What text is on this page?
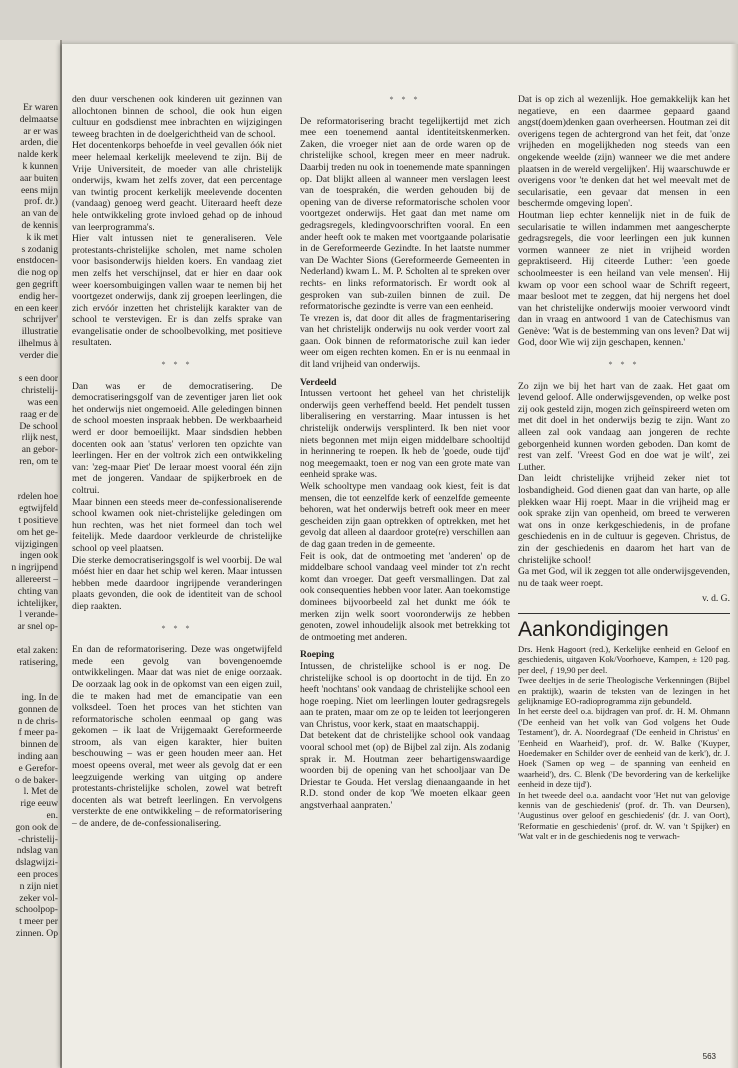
Er waren
delmaatse
ar er was
arden, die
nalde kerk
k kunnen
aar buiten
eens mijn
prof. dr.)
an van de
de kennis
k ik met
s zodanig
enstdocen-
die nog op
gen gegrift
endig her-
en een keer
schrijver'
illustratie
ilhelmus à
verder die
s een door
christelij-
was een
raag er de
De school
rlijk nest,
an gebor-
ren, om te
rdelen hoe
egtwijfeld
t positieve
om het ge-
vijzigingen
ingen ook
n ingrijpend
allereerst –
chting van
ichtelijker,
l verande-
ar snel op-
etal zaken:
ratisering,
ing. In de
gonnen de
n de chris-
f meer pa-
binnen de
inding aan
e Gerefor-
o de baker-
l. Met de
rige eeuw
en.
gon ook de
-christelij-
ndslag van
dslagwijzi-
een proces
n zijn niet
zeker vol-
schoolpop-
t meer per
zinnen. Op

den duur verschenen ook kinderen uit gezinnen van allochtonen binnen de school, die ook hun eigen cultuur en godsdienst mee inbrachten en wijzigingen teweeg brachten in de doelgerichtheid van de school.

Het docentenkorps behoefde in veel gevallen óók niet meer helemaal kerkelijk meelevend te zijn. Bij de Vrije Universiteit, de moeder van alle christelijk onderwijs, kwam het zelfs zover, dat een percentage van twintig procent kerkelijk meelevende docenten (vandaag) genoeg werd geacht. Uiteraard heeft deze hele ontwikkeling grote invloed gehad op de inhoud van leerprogramma's.

Hier valt intussen niet te generaliseren. Vele protestants-christelijke scholen, met name scholen voor basisonderwijs hielden koers. En vandaag ziet men zelfs het verschijnsel, dat er hier en daar ook weer koersombuigingen vallen waar te nemen bij het voortgezet onderwijs, dank zij groepen leerlingen, die zich ervóór inzetten het christelijk karakter van de school te verstevigen. Er is dan zelfs sprake van evangelisatie onder de schoolbevolking, met positieve resultaten.

* * *

Dan was er de democratisering. De democratiseringsgolf van de zeventiger jaren liet ook het onderwijs niet ongemoeid. Alle geledingen binnen de school moesten inspraak hebben. De werkbaarheid werd er door bemoeilijkt. Maar sindsdien hebben docenten ook aan 'status' verloren ten opzichte van leerlingen. Her en der voltrok zich een ontwikkeling van: 'zeg-maar Piet' De leraar moest vooral één zijn met de jongeren. Vandaar de spijkerbroek en de coltrui.

Maar binnen een steeds meer de-confessionaliserende school kwamen ook niet-christelijke geledingen om hun rechten, was het niet formeel dan toch wel feitelijk. Mede daardoor verkleurde de christelijke school op veel plaatsen.

Die sterke democratiseringsgolf is wel voorbij. De wal móést hier en daar het schip wel keren. Maar intussen hebben mede daardoor ingrijpende veranderingen plaats gevonden, die ook de identiteit van de school diep raakten.

* * *

En dan de reformatorisering. Deze was ongetwijfeld mede een gevolg van bovengenoemde ontwikkelingen. Maar dat was niet de enige oorzaak. De oorzaak lag ook in de opkomst van een eigen zuil, die te maken had met de emancipatie van een volksdeel. Toen het proces van het stichten van reformatorische scholen eenmaal op gang was gekomen – ik laat de Vrijgemaakt Gereformeerde stroom, als van eigen karakter, hier buiten beschouwing – was er geen houden meer aan. Het moest opeens overal, met weer als gevolg dat er een leegzuigende werking van uitging op andere protestants-christelijke scholen, zowel wat betreft docenten als wat betreft leerlingen. En vervolgens versterkte de ene ontwikkeling – de reformatorisering – de andere, de de-confessionalisering.

* * *

De reformatorisering bracht tegelijkertijd met zich mee een toenemend aantal identiteitskenmerken. Zaken, die vroeger niet aan de orde waren op de christelijke school, kregen meer en meer nadruk. Daarbij treden nu ook in toenemende mate spanningen op. Dat blijkt alleen al wanneer men verslagen leest van de toesprakén, die werden gehouden bij de opening van de diverse reformatorische scholen voor voortgezet onderwijs. Het gaat dan met name om gedragsregels, kledingvoorschriften vooral. En een ander heeft ook te maken met voortgaande polarisatie in de Gereformeerde Gezindte. In het laatste nummer van De Wachter Sions (Gereformeerde Gemeenten in Nederland) kwam L. M. P. Scholten al te spreken over rechts- en links reformatorisch. Er wordt ook al gesproken van sub-zuilen binnen de zuil. De reformatorische gezindte is verre van een eenheid.

Te vrezen is, dat door dit alles de fragmentarisering van het christelijk onderwijs nu ook verder voort zal gaan. Ook binnen de reformatorische zuil kan ieder weer om eigen rechten komen. En er is nu eenmaal in dit land vrijheid van onderwijs.

Verdeeld

Intussen vertoont het geheel van het christelijk onderwijs geen verheffend beeld. Het pendelt tussen liberalisering en verstarring. Maar intussen is het christelijk onderwijs versplinterd. Ik ben niet voor niets begonnen met mijn eigen middelbare schooltijd in herinnering te roepen. Ik heb de 'goede, oude tijd' nog meegemaakt, toen er nog van een grote mate van eenheid sprake was.

Welk schooltype men vandaag ook kiest, feit is dat mensen, die tot eenzelfde kerk of eenzelfde gemeente behoren, wat het onderwijs betreft ook meer en meer gescheiden zijn gaan optrekken of optrekken, met het gevolg dat alleen al daardoor grote(re) verschillen aan de dag gaan treden in de gemeente.

Feit is ook, dat de ontmoeting met 'anderen' op de middelbare school vandaag veel minder tot z'n recht komt dan vroeger. Dat geeft versmallingen. Dat zal ook consequenties hebben voor later. Aan toekomstige dominees bijvoorbeeld zal het dunkt me óók te merken zijn welk soort vooronderwijs ze hebben genoten, zowel inhoudelijk alsook met betrekking tot de ontmoeting met anderen.

Roeping

Intussen, de christelijke school is er nog. De christelijke school is op doortocht in de tijd. En zo heeft 'nochtans' ook vandaag de christelijke school een hoge roeping. Niet om leerlingen louter gedragsregels aan te praten, maar om ze op te leiden tot leerjongeren van Christus, voor kerk, staat en maatschappij.

Dat betekent dat de christelijke school ook vandaag vooral school met (op) de Bijbel zal zijn. Als zodanig sprak ir. M. Houtman zeer behartigenswaardige woorden bij de opening van het schooljaar van De Driestar te Gouda. Het verslag dienaangaande in het R.D. stond onder de kop 'We moeten elkaar geen angstverhaal aanpraten.'

Dat is op zich al wezenlijk. Hoe gemakkelijk kan het negatieve, en een daarmee gepaard gaand angst(doem)denken gaan overheersen. Houtman zei dit overigens tegen de achtergrond van het feit, dat 'onze vrijheden en mogelijkheden nog steeds van een ongekende weelde (zijn) wanneer we die met andere plaatsen in de wereld vergelijken'. Hij waarschuwde er overigens voor 'te denken dat het wel meevalt met de secularisatie, een gevaar dat mensen in een beschermde omgeving lopen'.

Houtman liep echter kennelijk niet in de fuik de secularisatie te willen indammen met aangescherpte gedragsregels, die voor leerlingen een juk kunnen vormen wanneer ze niet in vrijheid worden gepraktiseerd. Hij citeerde Luther: 'een goede schoolmeester is een heiland van vele mensen'. Hij kwam op voor een school waar de Schrift regeert, maar besloot met te zeggen, dat hij nergens het doel van het christelijke onderwijs mooier verwoord vindt dan in vraag en antwoord 1 van de Catechismus van Genève: 'Wat is de bestemming van ons leven? Dat wij God, door Wie wij zijn geschapen, kennen.'

* * *

Zo zijn we bij het hart van de zaak. Het gaat om levend geloof. Alle onderwijsgevenden, op welke post zij ook gesteld zijn, mogen zich geïnspireerd weten om met dit doel in het onderwijs bezig te zijn. Want zo alleen zal ook vandaag aan jongeren de rechte geborgenheid kunnen worden geboden. Dan komt de rest van zelf. 'Vreest God en doe wat je wilt', zei Luther.

Dan leidt christelijke vrijheid zeker niet tot losbandigheid. God dienen gaat dan van harte, op alle plekken waar Hij roept. Maar in die vrijheid mag er ook sprake zijn van openheid, om breed te verweren wat ons in onze kerkgeschiedenis, in de profane geschiedenis en in de cultuur is gegeven. Christus, de zin der geschiedenis en daarom het hart van de christelijke school!

Ga met God, wil ik zeggen tot alle onderwijsgevenden, nu de taak weer roept.

v. d. G.
Aankondigingen
Drs. Henk Hagoort (red.), Kerkelijke eenheid en Geloof en geschiedenis, uitgaven Kok/Voorhoeve, Kampen, ± 120 pag. per deel, ƒ 19,90 per deel.

Twee deeltjes in de serie Theologische Verkenningen (Bijbel en praktijk), waarin de teksten van de lezingen in het gelijknamige EO-radioprogramma zijn gebundeld.

In het eerste deel o.a. bijdragen van prof. dr. H. M. Ohmann ('De eenheid van het volk van God volgens het Oude Testament'), dr. A. Noordegraaf ('De eenheid in Christus' en 'Eenheid en Waarheid'), prof. dr. W. Balke ('Kuyper, Hoedemaker en Schilder over de eenheid van de kerk'), dr. J. Hoek ('Samen op weg – de spanning van eenheid en waarheid'), drs. C. Blenk ('De bevordering van de kerkelijke eenheid in deze tijd').

In het tweede deel o.a. aandacht voor 'Het nut van gelovige kennis van de geschiedenis' (prof. dr. Th. van Deursen), 'Augustinus over geloof en geschiedenis' (dr. J. van Oort), 'Reformatie en geschiedenis' (prof. dr. W. van 't Spijker) en 'Wat valt er in de geschiedenis nog te verwach-

563
